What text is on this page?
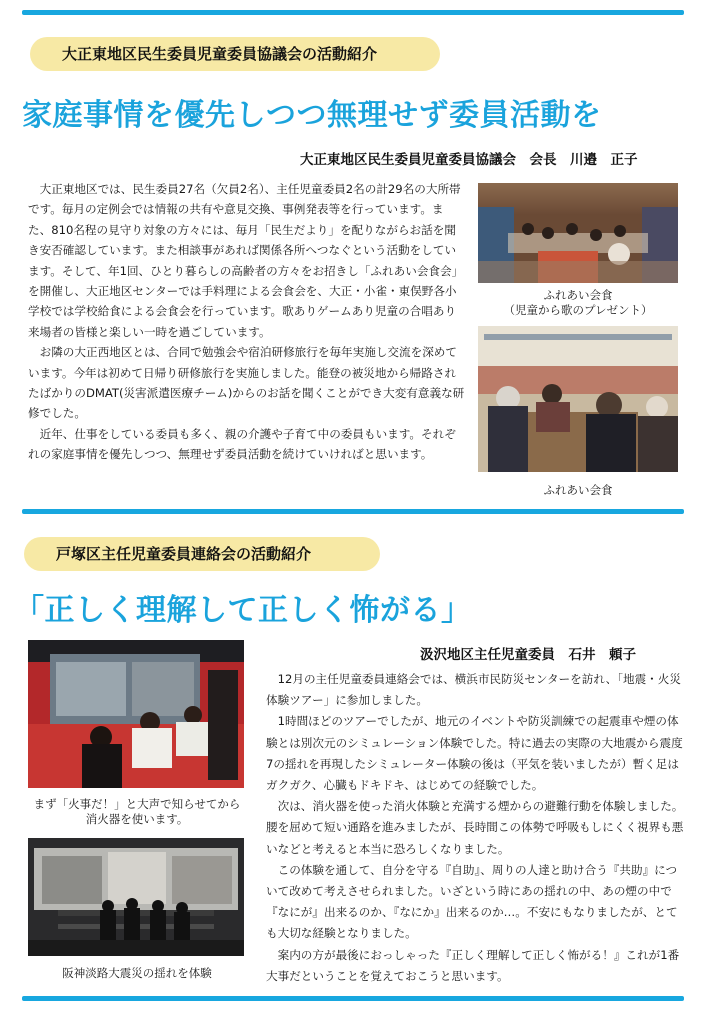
大正東地区民生委員児童委員協議会の活動紹介
家庭事情を優先しつつ無理せず委員活動を
大正東地区民生委員児童委員協議会　会長　川邉　正子

大正東地区では、民生委員27名（欠員2名）、主任児童委員2名の計29名の大所帯です。毎月の定例会では情報の共有や意見交換、事例発表等を行っています。また、810名程の見守り対象の方々には、毎月「民生だより」を配りながらお話を聞き安否確認しています。また相談事があれば関係各所へつなぐという活動をしています。そして、年1回、ひとり暮らしの高齢者の方々をお招きし「ふれあい会食会」を開催し、大正地区センターでは手料理による会食会を、大正・小雀・東俣野各小学校では学校給食による会食会を行っています。歌ありゲームあり児童の合唱あり来場者の皆様と楽しい一時を過ごしています。

お隣の大正西地区とは、合同で勉強会や宿泊研修旅行を毎年実施し交流を深めています。今年は初めて日帰り研修旅行を実施しました。能登の被災地から帰路されたばかりのDMAT(災害派遣医療チーム)からのお話を聞くことができ大変有意義な研修でした。

近年、仕事をしている委員も多く、親の介護や子育て中の委員もいます。それぞれの家庭事情を優先しつつ、無理せず委員活動を続けていければと思います。

ふれあい会食
（児童から歌のプレゼント）
ふれあい会食
戸塚区主任児童委員連絡会の活動紹介
「正しく理解して正しく怖がる」
汲沢地区主任児童委員　石井　頼子
まず「火事だ！」と大声で知らせてから
消火器を使います。
阪神淡路大震災の揺れを体験

12月の主任児童委員連絡会では、横浜市民防災センターを訪れ、「地震・火災体験ツアー」に参加しました。

1時間ほどのツアーでしたが、地元のイベントや防災訓練での起震車や煙の体験とは別次元のシミュレーション体験でした。特に過去の実際の大地震から震度7の揺れを再現したシミュレーター体験の後は（平気を装いましたが）暫く足はガクガク、心臓もドキドキ、はじめての経験でした。

次は、消火器を使った消火体験と充満する煙からの避難行動を体験しました。腰を屈めて短い通路を進みましたが、長時間この体勢で呼吸もしにくく視界も悪いなどと考えると本当に恐ろしくなりました。

この体験を通して、自分を守る『自助』、周りの人達と助け合う『共助』について改めて考えさせられました。いざという時にあの揺れの中、あの煙の中で『なにが』出来るのか、『なにか』出来るのか…。不安にもなりましたが、とても大切な経験となりました。

案内の方が最後におっしゃった『正しく理解して正しく怖がる！』これが1番大事だということを覚えておこうと思います。
